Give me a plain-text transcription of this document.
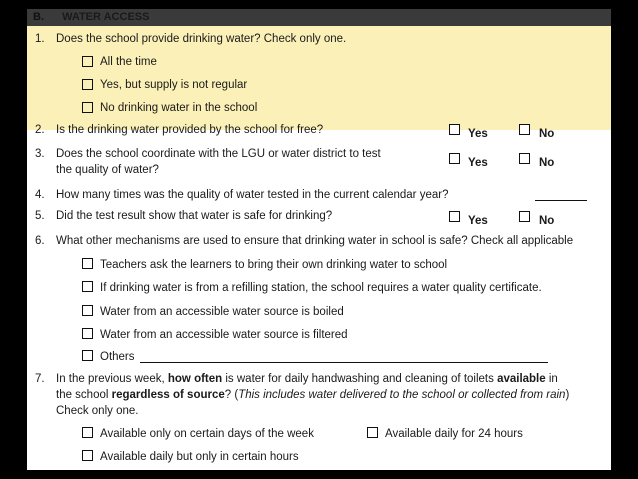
B. WATER ACCESS
1. Does the school provide drinking water? Check only one.
All the time
Yes, but supply is not regular
No drinking water in the school
2. Is the drinking water provided by the school for free?	Yes	No
3. Does the school coordinate with the LGU or water district to test
the quality of water?
Yes	No
4. How many times was the quality of water tested in the current calendar year?
5. Did the test result show that water is safe for drinking?	Yes	No
6. What other mechanisms are used to ensure that drinking water in school is safe? Check all applicable
Teachers ask the learners to bring their own drinking water to school
If drinking water is from a refilling station, the school requires a water quality certificate.
Water from an accessible water source is boiled
Water from an accessible water source is filtered
Others
7. In the previous week, how often is water for daily handwashing and cleaning of toilets available in
the school regardless of source? (This includes water delivered to the school or collected from rain)
Check only one.
Available only on certain days of the week	Available daily for 24 hours
Available daily but only in certain hours
